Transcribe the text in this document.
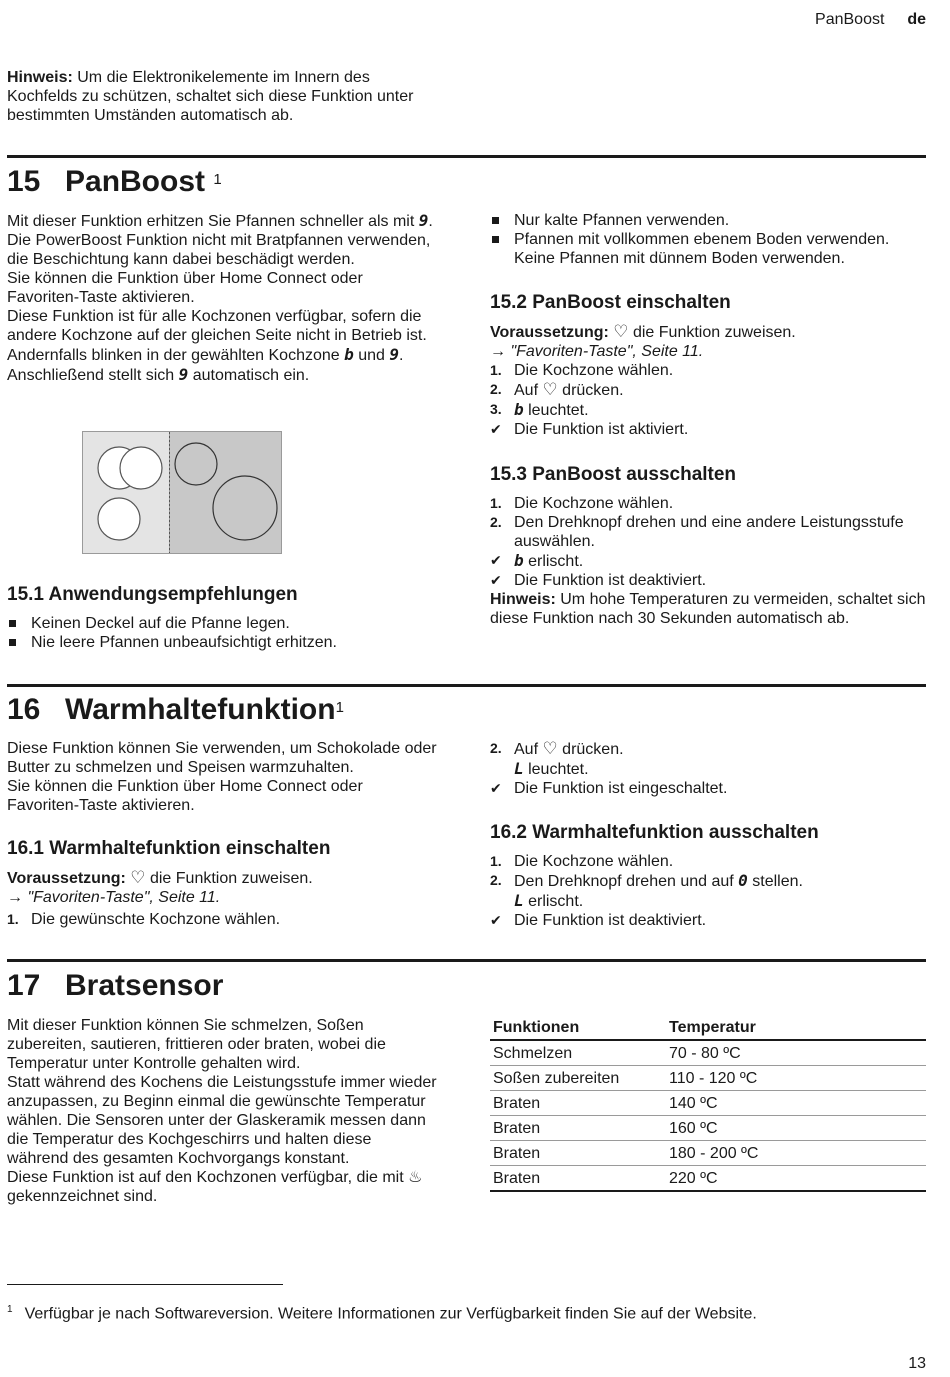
PanBoost de

Hinweis: Um die Elektronikelemente im Innern des Kochfelds zu schützen, schaltet sich diese Funktion unter bestimmten Umständen automatisch ab.

15 PanBoost $^1$

Mit dieser Funktion erhitzen Sie Pfannen schneller als mit 9. Die PowerBoost Funktion nicht mit Bratpfannen verwenden, die Beschichtung kann dabei beschädigt werden.

Sie können die Funktion über Home Connect oder Favoriten-Taste aktivieren.

Diese Funktion ist für alle Kochzonen verfügbar, sofern die andere Kochzone auf der gleichen Seite nicht in Betrieb ist. Andernfalls blinken in der gewählten Kochzone b und 9. Anschließend stellt sich 9 automatisch ein.

15.1 Anwendungsempfehlungen
Keinen Deckel auf die Pfanne legen.
Nie leere Pfannen unbeaufsichtigt erhitzen.
Nur kalte Pfannen verwenden.
Pfannen mit vollkommen ebenem Boden verwenden. Keine Pfannen mit dünnem Boden verwenden.
15.2 PanBoost einschalten

Voraussetzung: ♡ die Funktion zuweisen.

→ "Favoriten-Taste", Seite 11.

1. Die Kochzone wählen.
2. Auf ♡ drücken.
3. b leuchtet.
✔ Die Funktion ist aktiviert.
15.3 PanBoost ausschalten
1. Die Kochzone wählen.
2. Den Drehknopf drehen und eine andere Leistungsstufe auswählen.
✔ b erlischt.
✔ Die Funktion ist deaktiviert.

Hinweis: Um hohe Temperaturen zu vermeiden, schaltet sich diese Funktion nach 30 Sekunden automatisch ab.

16 Warmhaltefunktion$^1$

Diese Funktion können Sie verwenden, um Schokolade oder Butter zu schmelzen und Speisen warmzuhalten.

Sie können die Funktion über Home Connect oder Favoriten-Taste aktivieren.

16.1 Warmhaltefunktion einschalten

Voraussetzung: ♡ die Funktion zuweisen.

→ "Favoriten-Taste", Seite 11.

1. Die gewünschte Kochzone wählen.
2. Auf ♡ drücken.
L leuchtet.
✔ Die Funktion ist eingeschaltet.
16.2 Warmhaltefunktion ausschalten
1. Die Kochzone wählen.
2. Den Drehknopf drehen und auf 0 stellen.
L erlischt.
✔ Die Funktion ist deaktiviert.
17 Bratsensor

Mit dieser Funktion können Sie schmelzen, Soßen zubereiten, sautieren, frittieren oder braten, wobei die Temperatur unter Kontrolle gehalten wird.

Statt während des Kochens die Leistungsstufe immer wieder anzupassen, zu Beginn einmal die gewünschte Temperatur wählen. Die Sensoren unter der Glaskeramik messen dann die Temperatur des Kochgeschirrs und halten diese während des gesamten Kochvorgangs konstant.

Diese Funktion ist auf den Kochzonen verfügbar, die mit ♨ gekennzeichnet sind.

Funktionen	Temperatur
Schmelzen	70 - 80 ºC
Soßen zubereiten	110 - 120 ºC
Braten	140 ºC
Braten	160 ºC
Braten	180 - 200 ºC
Braten	220 ºC
$^1$ Verfügbar je nach Softwareversion. Weitere Informationen zur Verfügbarkeit finden Sie auf der Website.
13
